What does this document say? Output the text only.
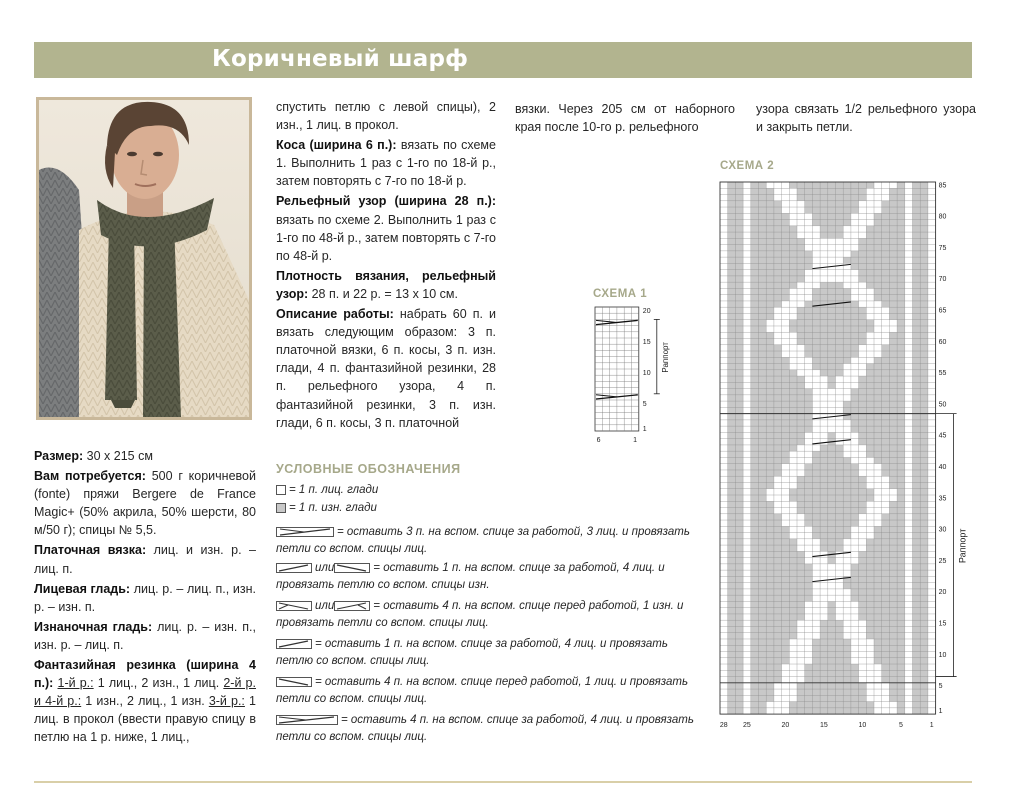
Коричневый шарф

Размер: 30 х 215 см

Вам потребуется: 500 г коричневой (fonte) пряжи Bergere de France Magic+ (50% акрила, 50% шерсти, 80 м/50 г); спицы № 5,5.

Платочная вязка: лиц. и изн. р. – лиц. п.

Лицевая гладь: лиц. р. – лиц. п., изн. р. – изн. п.

Изнаночная гладь: лиц. р. – изн. п., изн. р. – лиц. п.

Фантазийная резинка (ширина 4 п.): 1-й р.: 1 лиц., 2 изн., 1 лиц. 2-й р. и 4-й р.: 1 изн., 2 лиц., 1 изн. 3-й р.: 1 лиц. в прокол (ввести правую спицу в петлю на 1 р. ниже, 1 лиц.,

спустить петлю с левой спицы), 2 изн., 1 лиц. в прокол.

Коса (ширина 6 п.): вязать по схеме 1. Выполнить 1 раз с 1-го по 18-й р., затем повторять с 7-го по 18-й р.

Рельефный узор (ширина 28 п.): вязать по схеме 2. Выполнить 1 раз с 1-го по 48-й р., затем повторять с 7-го по 48-й р.

Плотность вязания, рельефный узор: 28 п. и 22 р. = 13 х 10 см.

Описание работы: набрать 60 п. и вязать следующим образом: 3 п. платочной вязки, 6 п. косы, 3 п. изн. глади, 4 п. фантазийной резинки, 28 п. рельефного узора, 4 п. фантазийной резинки, 3 п. изн. глади, 6 п. косы, 3 п. платочной

вязки. Через 205 см от наборного края после 10-го р. рельефного

узора связать 1/2 рельефного узора и закрыть петли.

УСЛОВНЫЕ ОБОЗНАЧЕНИЯ
= 1 п. лиц. глади
= 1 п. изн. глади
= оставить 3 п. на вспом. спице за работой, 3 лиц. и провязать петли со вспом. спицы лиц.
или	= оставить 1 п. на вспом. спице за работой, 4 лиц. и провязать петлю со вспом. спицы изн.
или	= оставить 4 п. на вспом. спице перед работой, 1 изн. и провязать петли со вспом. спицы лиц.
= оставить 1 п. на вспом. спице за работой, 4 лиц. и провязать петлю со вспом. спицы лиц.
= оставить 4 п. на вспом. спице перед работой, 1 лиц. и провязать петли со вспом. спицы лиц.
= оставить 4 п. на вспом. спице за работой, 4 лиц. и провязать петли со вспом. спицы лиц.
СХЕМА 1
1
5
10
15
20
6	1
Раппорт
СХЕМА 2
1
5
10
15
20
25
30
35
40
45
50
55
60
65
70
75
80
85
28 25	20	15	10	5	1
Раппорт
